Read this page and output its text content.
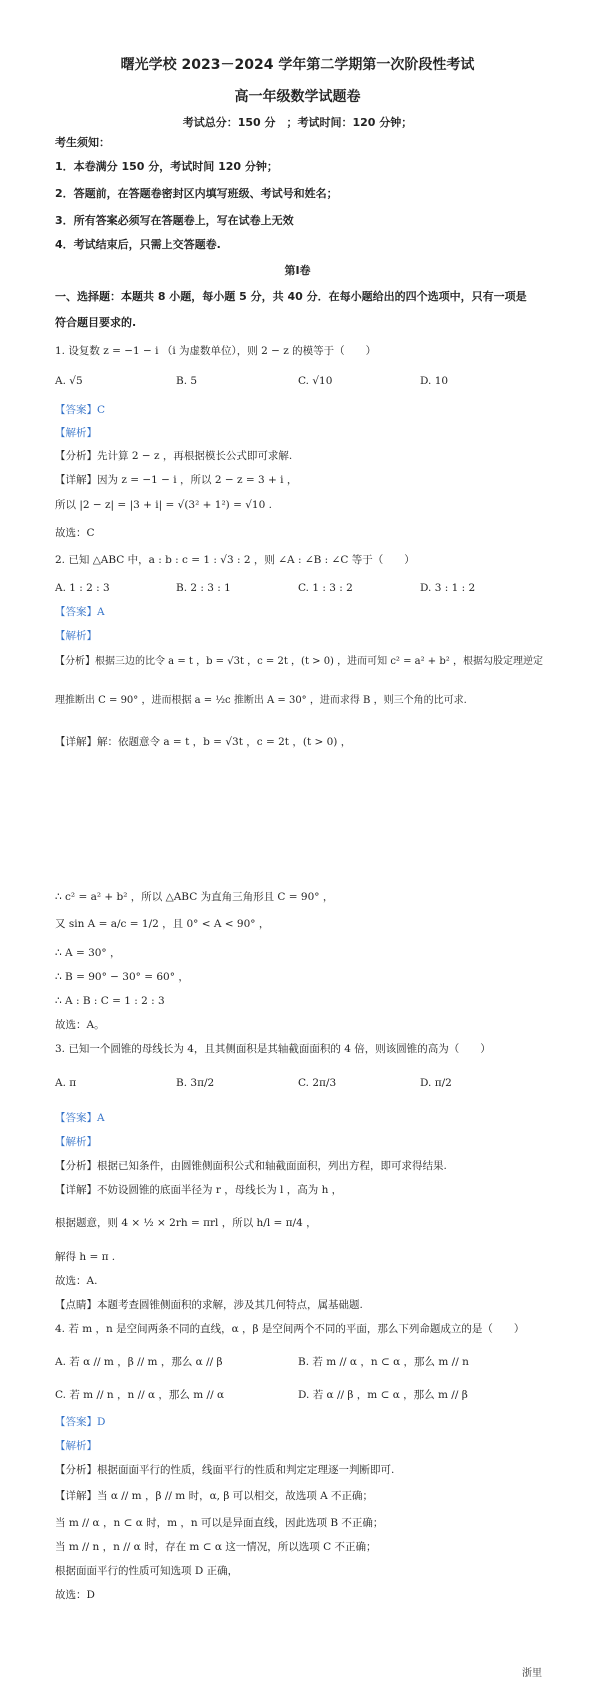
曙光学校 2023－2024 学年第二学期第一次阶段性考试
高一年级数学试题卷
考试总分：150 分　；考试时间：120 分钟；
考生须知：
1．本卷满分 150 分，考试时间 120 分钟；
2．答题前，在答题卷密封区内填写班级、考试号和姓名；
3．所有答案必须写在答题卷上，写在试卷上无效
4．考试结束后，只需上交答题卷.
第Ⅰ卷
一、选择题：本题共 8 小题，每小题 5 分，共 40 分．在每小题给出的四个选项中，只有一项是
符合题目要求的.
1. 设复数 z = −1 − i （i 为虚数单位），则 2 − z 的模等于（　　）
A. √5	B. 5	C. √10	D. 10
【答案】C
【解析】
【分析】先计算 2 − z ，再根据模长公式即可求解.
【详解】因为 z = −1 − i ，所以 2 − z = 3 + i ，
所以 |2 − z| = |3 + i| = √(3² + 1²) = √10 .
故选：C
2. 已知 △ABC 中，a : b : c = 1 : √3 : 2 ，则 ∠A : ∠B : ∠C 等于（　　）
A. 1 : 2 : 3	B. 2 : 3 : 1	C. 1 : 3 : 2	D. 3 : 1 : 2
【答案】A
【解析】
【分析】根据三边的比令 a = t ，b = √3t ，c = 2t ，(t > 0) ，进而可知 c² = a² + b² ，根据勾股定理逆定
理推断出 C = 90° ，进而根据 a = ½c 推断出 A = 30° ，进而求得 B ，则三个角的比可求.
【详解】解：依题意令 a = t ，b = √3t ，c = 2t ，(t > 0) ，
∴ c² = a² + b² ，所以 △ABC 为直角三角形且 C = 90° ，
又 sin A = a/c = 1/2 ，且 0° < A < 90° ，
∴ A = 30° ，
∴ B = 90° − 30° = 60° ，
∴ A : B : C = 1 : 2 : 3
故选：A。
3. 已知一个圆锥的母线长为 4，且其侧面积是其轴截面面积的 4 倍，则该圆锥的高为（　　）
A. π	B. 3π/2	C. 2π/3	D. π/2
【答案】A
【解析】
【分析】根据已知条件，由圆锥侧面积公式和轴截面面积，列出方程，即可求得结果.
【详解】不妨设圆锥的底面半径为 r ，母线长为 l ，高为 h ，
根据题意，则 4 × ½ × 2rh = πrl ，所以 h/l = π/4 ，
解得 h = π .
故选：A.
【点睛】本题考查圆锥侧面积的求解，涉及其几何特点，属基础题.
4. 若 m ，n 是空间两条不同的直线，α ，β 是空间两个不同的平面，那么下列命题成立的是（　　）
A. 若 α // m ，β // m ，那么 α // β	B. 若 m // α ，n ⊂ α ，那么 m // n
C. 若 m // n ，n // α ，那么 m // α	D. 若 α // β ，m ⊂ α ，那么 m // β
【答案】D
【解析】
【分析】根据面面平行的性质，线面平行的性质和判定定理逐一判断即可.
【详解】当 α // m ，β // m 时，α, β 可以相交，故选项 A 不正确；
当 m // α ，n ⊂ α 时，m ，n 可以是异面直线，因此选项 B 不正确；
当 m // n ，n // α 时，存在 m ⊂ α 这一情况，所以选项 C 不正确；
根据面面平行的性质可知选项 D 正确，
故选：D
浙里
